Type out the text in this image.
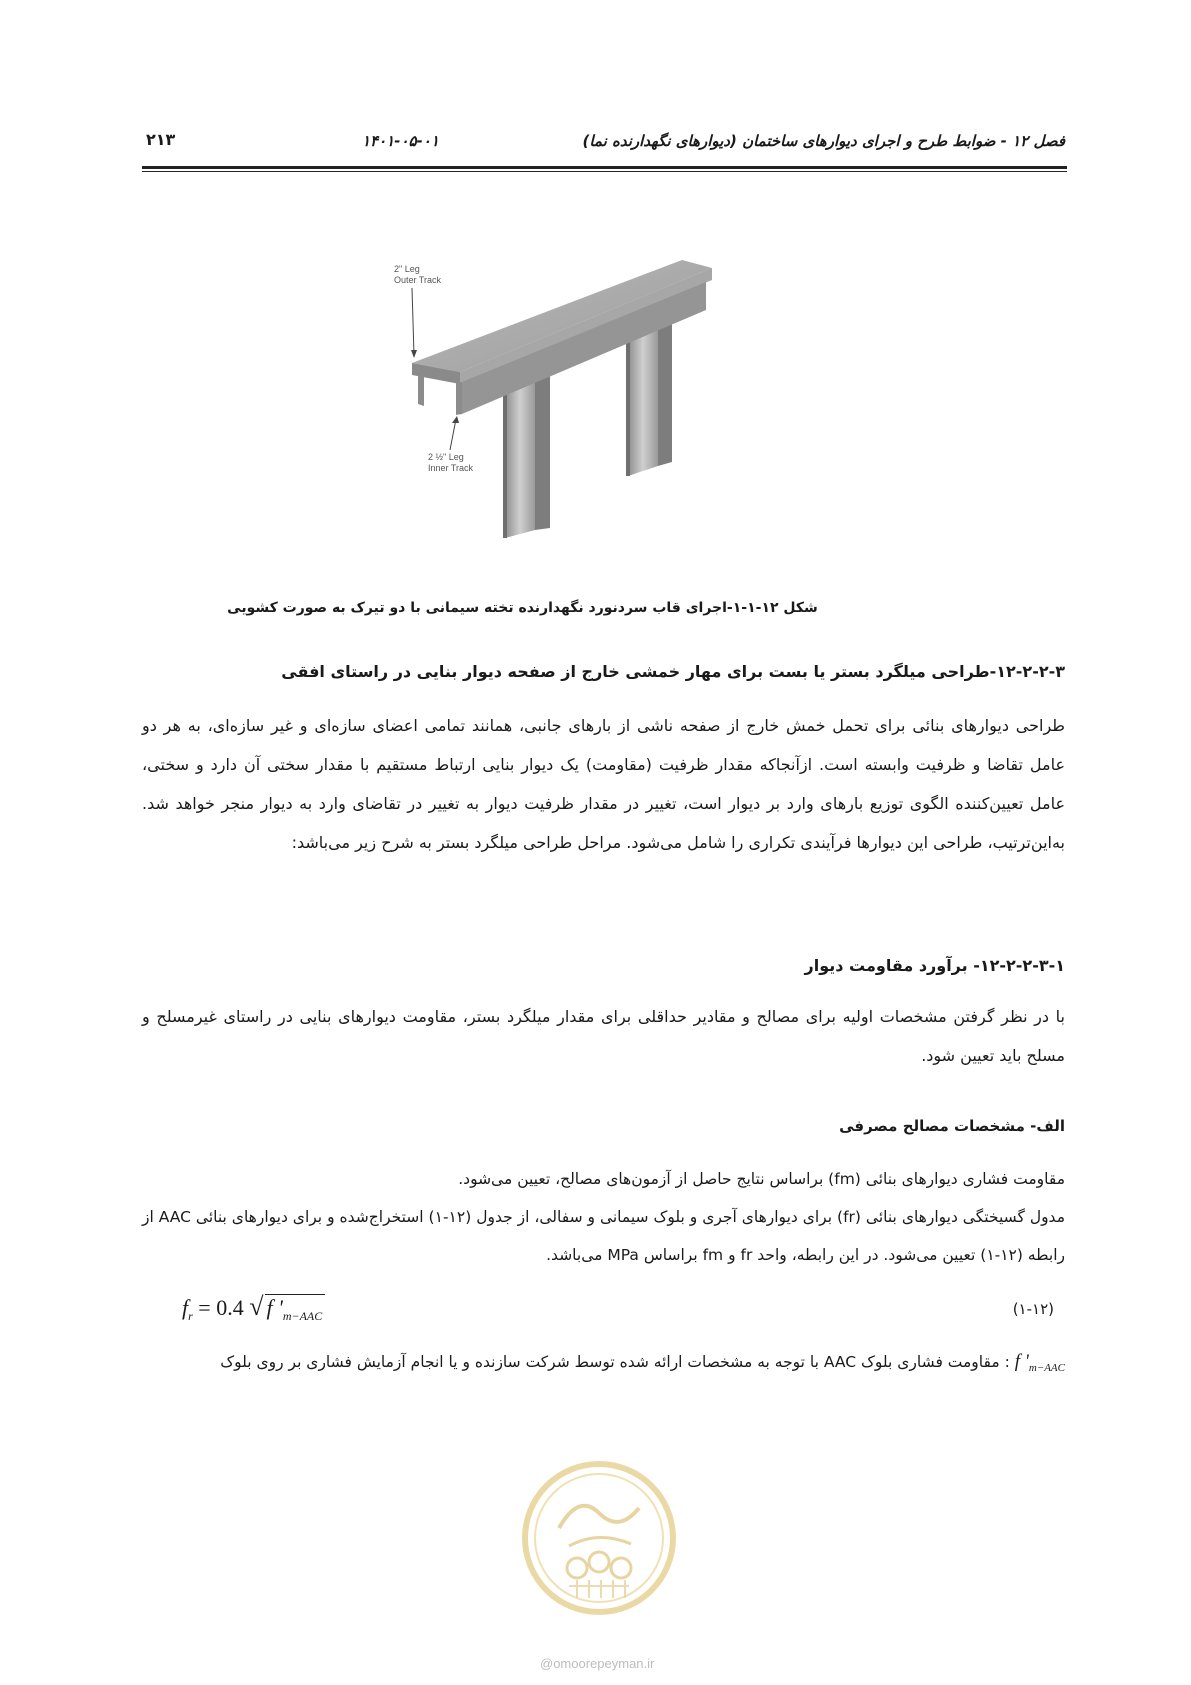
فصل ۱۲ - ضوابط طرح و اجرای دیوارهای ساختمان (دیوارهای نگهدارنده نما)
۱۴۰۱-۰۵-۰۱
۲۱۳
2" Leg
Outer Track
2 ½" Leg
Inner Track
شکل ۱۲-۱-۱-اجرای قاب سردنورد نگهدارنده تخته سیمانی با دو تیرک به صورت کشویی
۱۲-۲-۲-۳-طراحی میلگرد بستر یا بست برای مهار خمشی خارج از صفحه دیوار بنایی در راستای افقی
طراحی دیوارهای بنائی برای تحمل خمش خارج از صفحه ناشی از بارهای جانبی، همانند تمامی اعضای سازه‌ای و غیر سازه‌ای، به هر دو عامل تقاضا و ظرفیت وابسته است. ازآنجاکه مقدار ظرفیت (مقاومت) یک دیوار بنایی ارتباط مستقیم با مقدار سختی آن دارد و سختی، عامل تعیین‌کننده الگوی توزیع بارهای وارد بر دیوار است، تغییر در مقدار ظرفیت دیوار به تغییر در تقاضای وارد به دیوار منجر خواهد شد. به‌این‌ترتیب، طراحی این دیوارها فرآیندی تکراری را شامل می‌شود. مراحل طراحی میلگرد بستر به شرح زیر می‌باشد:
۱۲-۲-۲-۳-۱- برآورد مقاومت دیوار
با در نظر گرفتن مشخصات اولیه برای مصالح و مقادیر حداقلی برای مقدار میلگرد بستر، مقاومت دیوارهای بنایی در راستای غیرمسلح و مسلح باید تعیین شود.
الف- مشخصات مصالح مصرفی
مقاومت فشاری دیوارهای بنائی (fm) براساس نتایج حاصل از آزمون‌های مصالح، تعیین می‌شود.
مدول گسیختگی دیوارهای بنائی (fr) برای دیوارهای آجری و بلوک سیمانی و سفالی، از جدول (۱۲-۱) استخراج‌شده و برای دیوارهای بنائی AAC از رابطه (۱۲-۱) تعیین می‌شود. در این رابطه، واحد fr و fm براساس MPa می‌باشد.
$f_r = 0.4$ √ f '$_{m-AAC}$	(۱-۱۲)
f '$_{m-AAC}$ : مقاومت فشاری بلوک AAC با توجه به مشخصات ارائه شده توسط شرکت سازنده و یا انجام آزمایش فشاری بر روی بلوک
@omoorepeyman.ir
